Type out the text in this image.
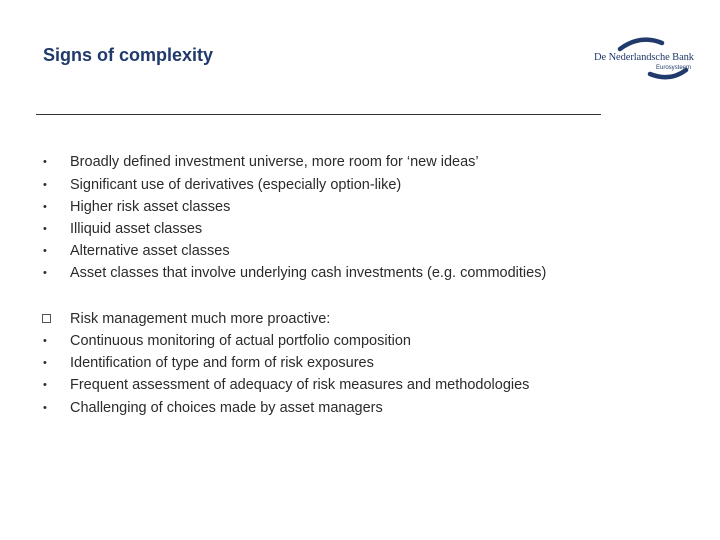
Signs of complexity	De Nederlandsche Bank
Eurosysteem
•	Broadly defined investment universe, more room for ‘new ideas’
•	Significant use of derivatives (especially option-like)
•	Higher risk asset classes
•	Illiquid asset classes
•	Alternative asset classes
•	Asset classes that involve underlying cash investments (e.g. commodities)
Risk management much more proactive:
•	Continuous monitoring of actual portfolio composition
•	Identification of type and form of risk exposures
•	Frequent assessment of adequacy of risk measures and methodologies
•	Challenging of choices made by asset managers
